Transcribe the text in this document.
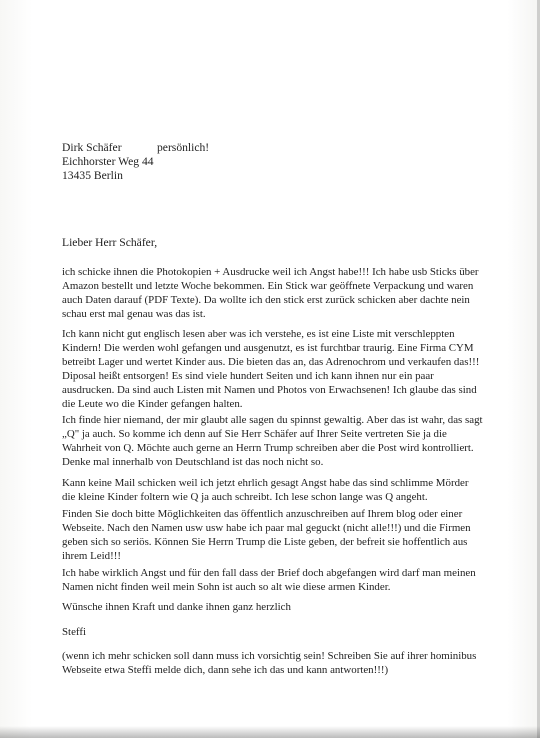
Dirk Schäfer	persönlich!
Eichhorster Weg 44
13435 Berlin
Lieber Herr Schäfer,
ich schicke ihnen die Photokopien + Ausdrucke weil ich Angst habe!!! Ich habe usb Sticks über Amazon bestellt und letzte Woche bekommen. Ein Stick war geöffnete Verpackung und waren auch Daten darauf (PDF Texte). Da wollte ich den stick erst zurück schicken aber dachte nein schau erst mal genau was das ist.
Ich kann nicht gut englisch lesen aber was ich verstehe, es ist eine Liste mit verschleppten Kindern! Die werden wohl gefangen und ausgenutzt, es ist furchtbar traurig. Eine Firma CYM betreibt Lager und wertet Kinder aus. Die bieten das an, das Adrenochrom und verkaufen das!!! Diposal heißt entsorgen! Es sind viele hundert Seiten und ich kann ihnen nur ein paar ausdrucken. Da sind auch Listen mit Namen und Photos von Erwachsenen! Ich glaube das sind die Leute wo die Kinder gefangen halten.
Ich finde hier niemand, der mir glaubt alle sagen du spinnst gewaltig. Aber das ist wahr, das sagt „Q" ja auch. So komme ich denn auf Sie Herr Schäfer auf Ihrer Seite vertreten Sie ja die Wahrheit von Q. Möchte auch gerne an Herrn Trump schreiben aber die Post wird kontrolliert. Denke mal innerhalb von Deutschland ist das noch nicht so.
Kann keine Mail schicken weil ich jetzt ehrlich gesagt Angst habe das sind schlimme Mörder die kleine Kinder foltern wie Q ja auch schreibt. Ich lese schon lange was Q angeht.
Finden Sie doch bitte Möglichkeiten das öffentlich anzuschreiben auf Ihrem blog oder einer Webseite. Nach den Namen usw usw habe ich paar mal geguckt (nicht alle!!!) und die Firmen geben sich so seriös. Können Sie Herrn Trump die Liste geben, der befreit sie hoffentlich aus ihrem Leid!!!
Ich habe wirklich Angst und für den fall dass der Brief doch abgefangen wird darf man meinen Namen nicht finden weil mein Sohn ist auch so alt wie diese armen Kinder.
Wünsche ihnen Kraft und danke ihnen ganz herzlich
Steffi
(wenn ich mehr schicken soll dann muss ich vorsichtig sein! Schreiben Sie auf ihrer hominibus Webseite etwa Steffi melde dich, dann sehe ich das und kann antworten!!!)
